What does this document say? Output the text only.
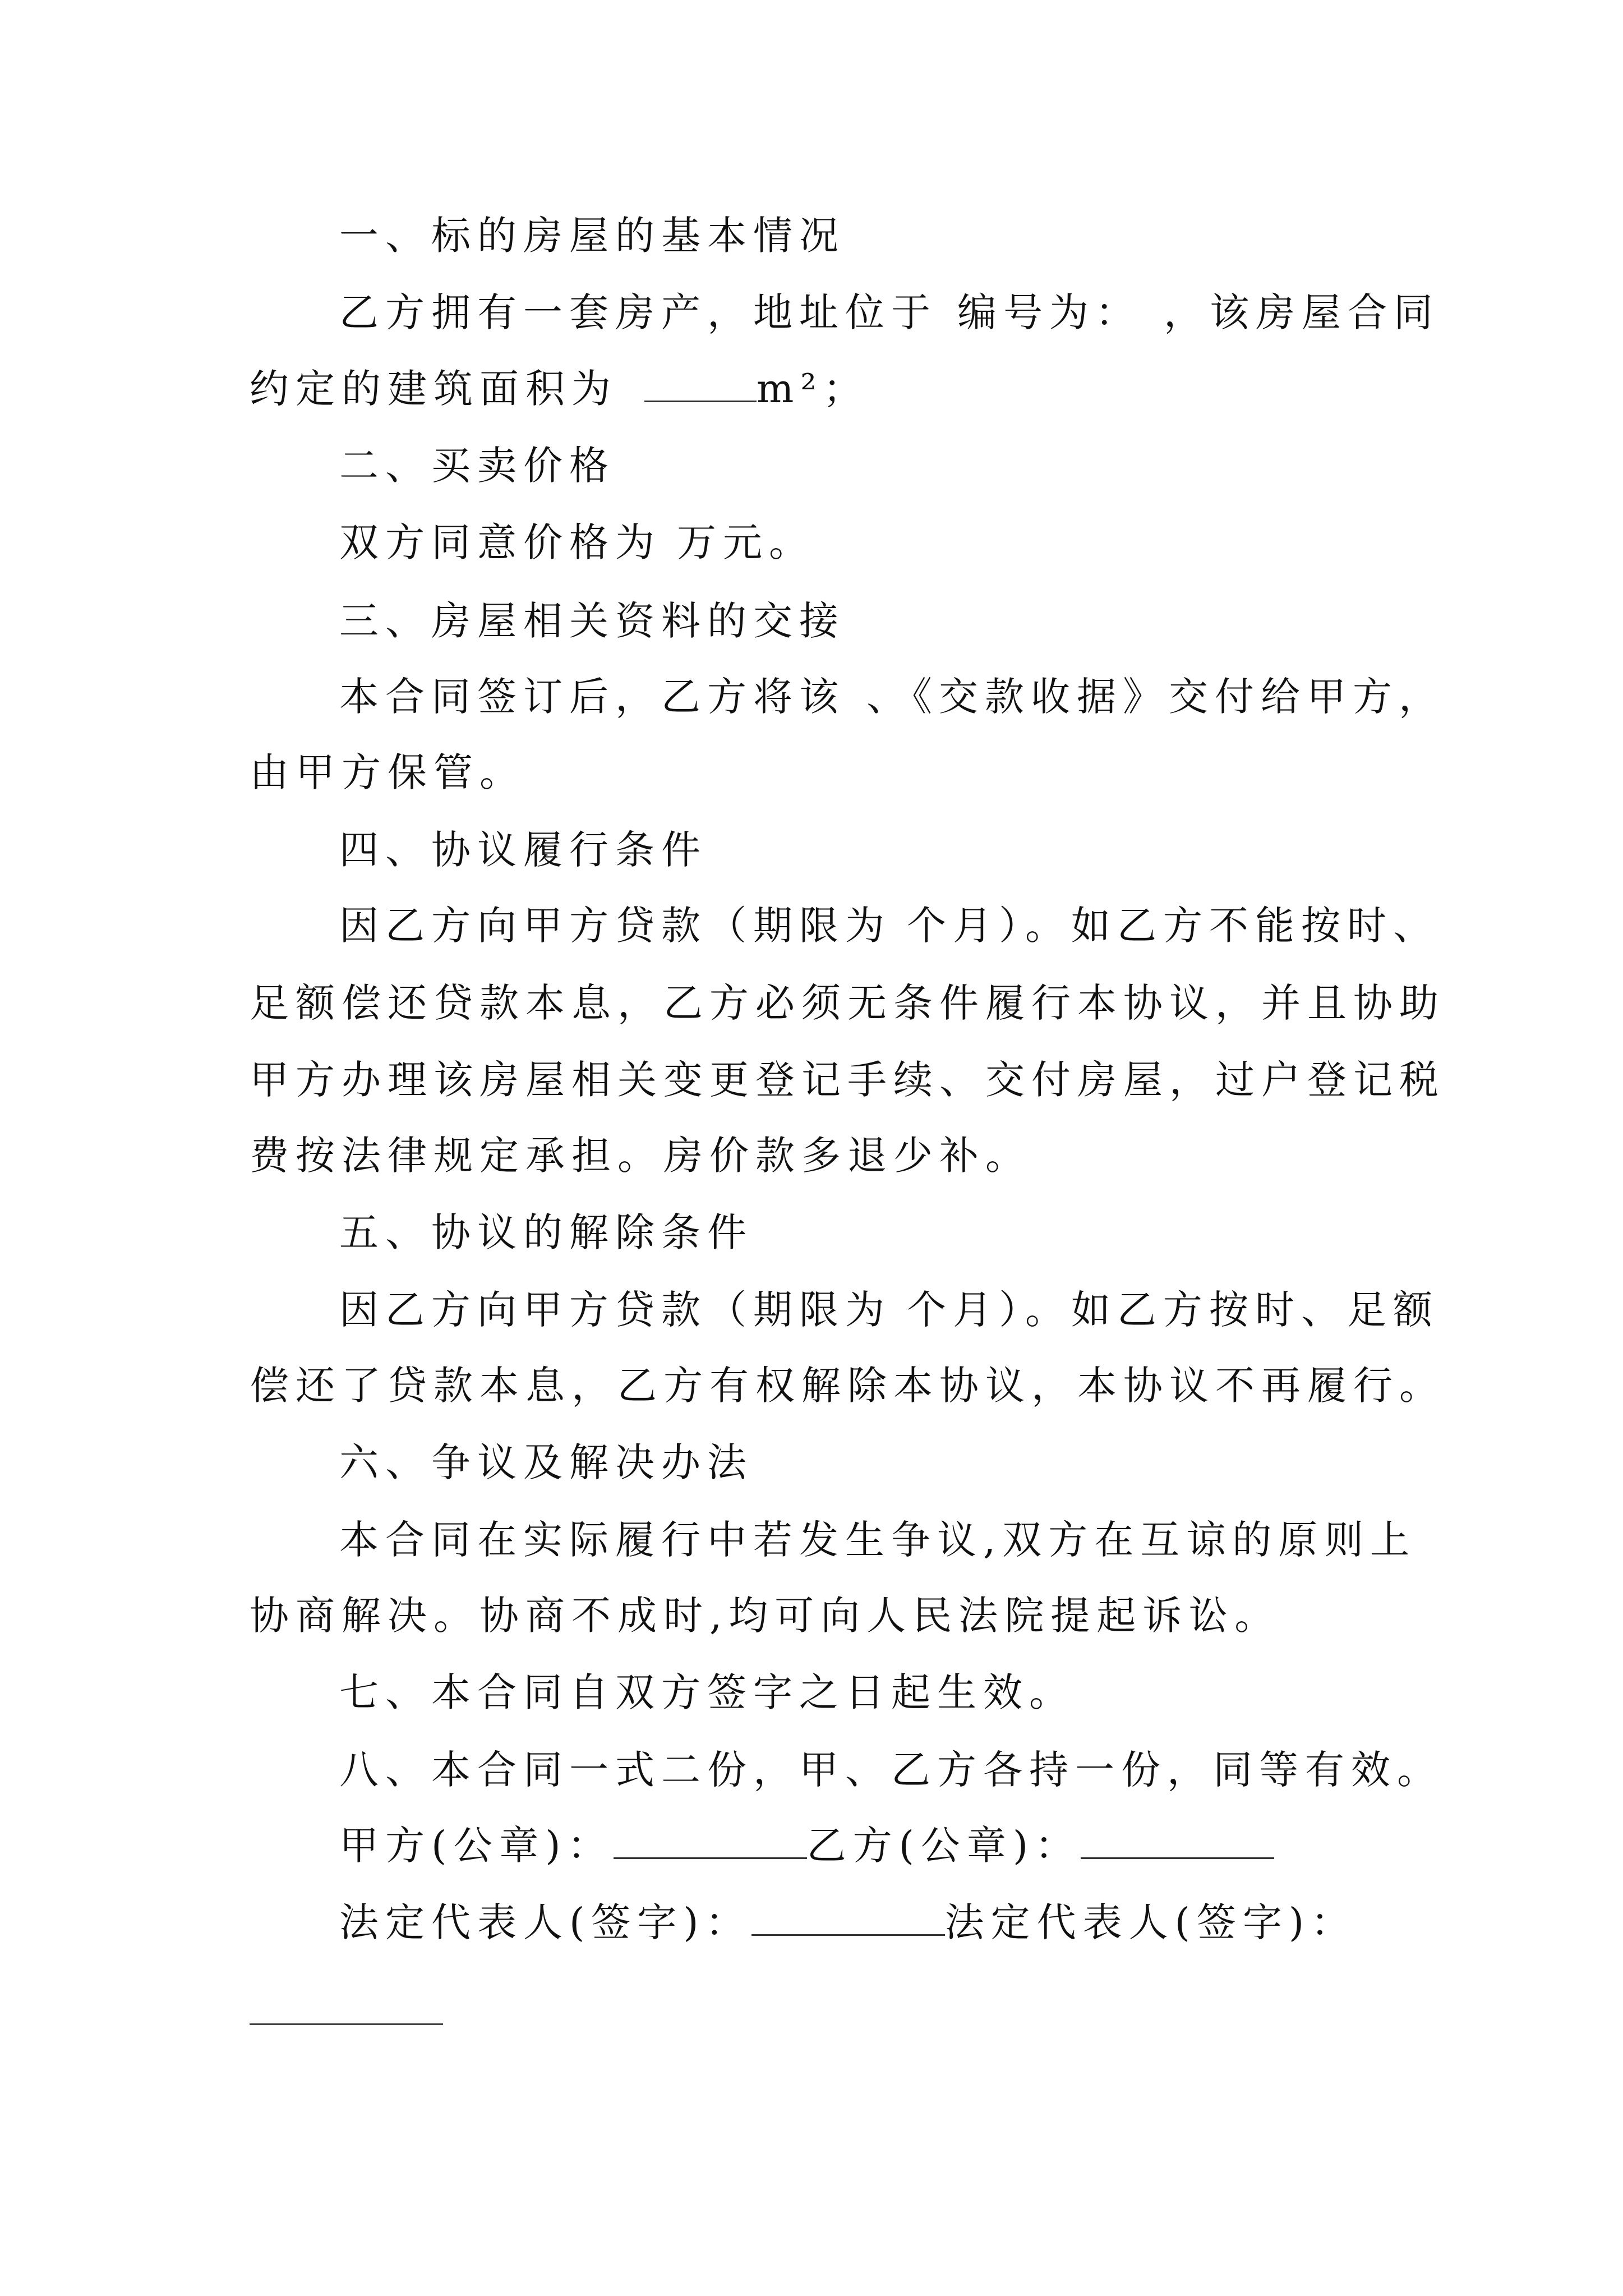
一、标的房屋的基本情况
乙方拥有一套房产，地址位于 编号为： ，该房屋合同
约定的建筑面积为	m²；
二、买卖价格
双方同意价格为 万元。
三、房屋相关资料的交接
本合同签订后，乙方将该 、《交款收据》交付给甲方，
由甲方保管。
四、协议履行条件
因乙方向甲方贷款（期限为 个月）。如乙方不能按时、
足额偿还贷款本息，乙方必须无条件履行本协议，并且协助
甲方办理该房屋相关变更登记手续、交付房屋，过户登记税
费按法律规定承担。房价款多退少补。
五、协议的解除条件
因乙方向甲方贷款（期限为 个月）。如乙方按时、足额
偿还了贷款本息，乙方有权解除本协议，本协议不再履行。
六、争议及解决办法
本合同在实际履行中若发生争议,双方在互谅的原则上
协商解决。协商不成时,均可向人民法院提起诉讼。
七、本合同自双方签字之日起生效。
八、本合同一式二份，甲、乙方各持一份，同等有效。
甲方(公章)：	乙方(公章)：
法定代表人(签字)：	法定代表人(签字)：
